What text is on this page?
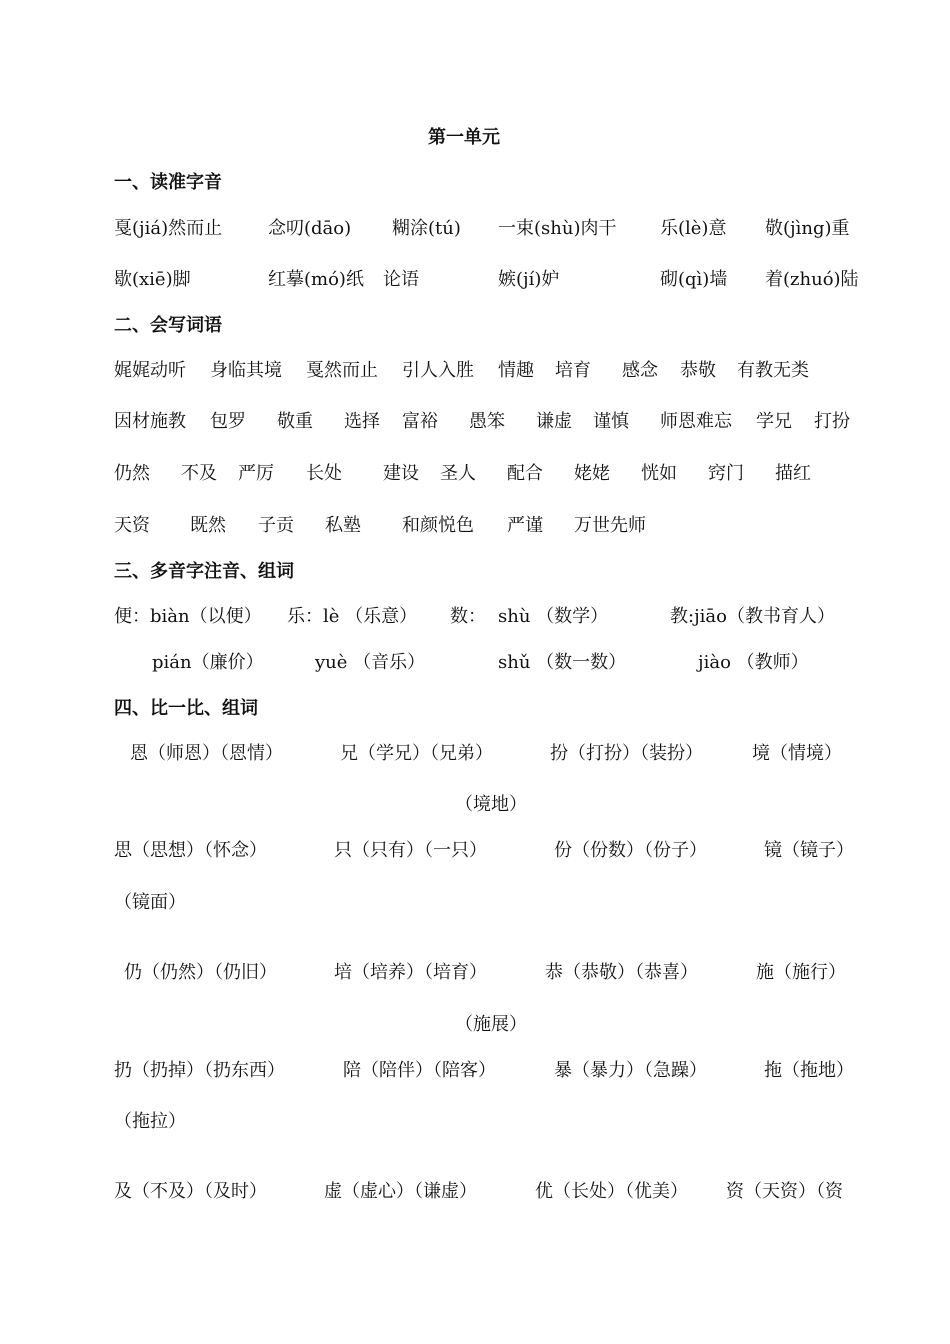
第一单元
一、读准字音
戛(jiá)然而止	念叨(dāo) 糊涂(tú) 一束(shù)肉干 乐(lè)意 敬(jìng)重
歇(xiē)脚	红摹(mó)纸 论语	嫉(jí)妒	砌(qì)墙 着(zhuó)陆
二、会写词语
娓娓动听 身临其境 戛然而止 引人入胜 情趣 培育 感念 恭敬 有教无类
因材施教 包罗 敬重 选择 富裕 愚笨 谦虚 谨慎 师恩难忘 学兄 打扮
仍然 不及 严厉 长处 建设 圣人 配合 姥姥 恍如 窍门 描红
天资 既然 子贡 私塾 和颜悦色 严谨 万世先师
三、多音字注音、组词
便：biàn（以便） 乐：lè （乐意） 数： shù （数学）	教:jiāo（教书育人）
pián（廉价）	yuè （音乐）	shǔ （数一数）	jiào （教师）
四、比一比、组词
恩（师恩）（恩情）	兄（学兄）（兄弟）	扮（打扮）（装扮）	境（情境）
（境地）
思（思想）（怀念）	只（只有）（一只）	份（份数）（份子）	镜（镜子）
（镜面）
仍（仍然）（仍旧）	培（培养）（培育）	恭（恭敬）（恭喜）	施（施行）
（施展）
扔（扔掉）（扔东西）	陪（陪伴）（陪客）	暴（暴力）（急躁）	拖（拖地）
（拖拉）
及（不及）（及时）	虚（虚心）（谦虚）	优（长处）（优美） 资（天资）（资
